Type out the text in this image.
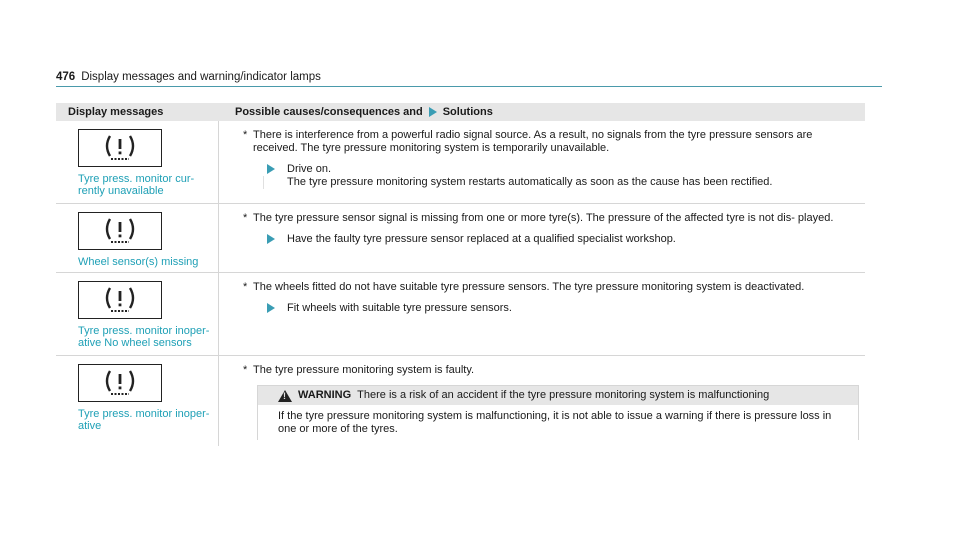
476 Display messages and warning/indicator lamps
Display messages	Possible causes/consequences and Solutions
Tyre press. monitor cur- rently unavailable
* There is interference from a powerful radio signal source. As a result, no signals from the tyre pressure sensors are received. The tyre pressure monitoring system is temporarily unavailable.
Drive on.
The tyre pressure monitoring system restarts automatically as soon as the cause has been rectified.
Wheel sensor(s) missing
* The tyre pressure sensor signal is missing from one or more tyre(s). The pressure of the affected tyre is not dis- played.
Have the faulty tyre pressure sensor replaced at a qualified specialist workshop.
Tyre press. monitor inoper- ative No wheel sensors
* The wheels fitted do not have suitable tyre pressure sensors. The tyre pressure monitoring system is deactivated.
Fit wheels with suitable tyre pressure sensors.
Tyre press. monitor inoper- ative
* The tyre pressure monitoring system is faulty.
!
WARNING There is a risk of an accident if the tyre pressure monitoring system is malfunctioning
If the tyre pressure monitoring system is malfunctioning, it is not able to issue a warning if there is pressure loss in one or more of the tyres.
